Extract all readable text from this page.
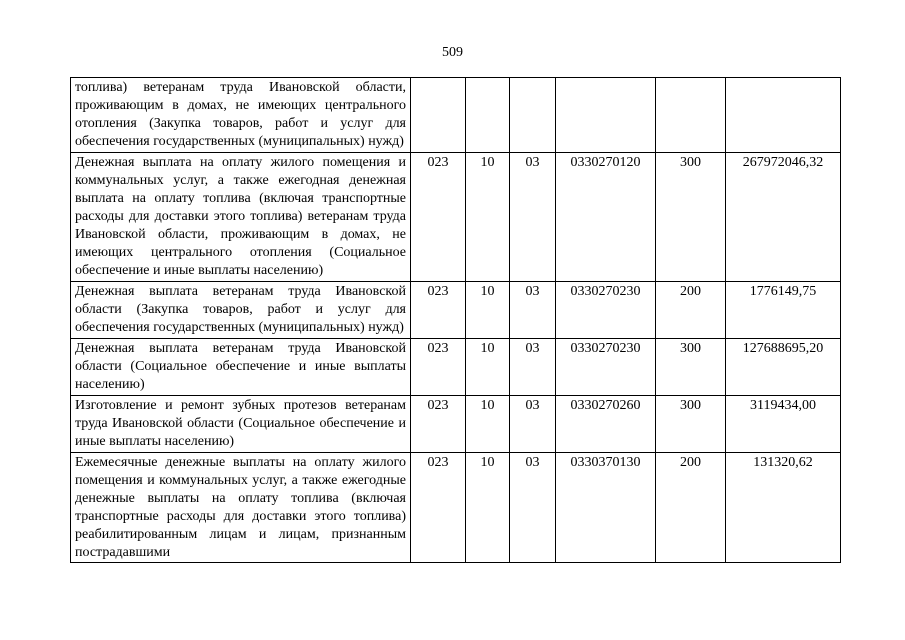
509
топлива) ветеранам труда Ивановской области, проживающим в домах, не имеющих центрального отопления (Закупка товаров, работ и услуг для обеспечения государственных (муниципальных) нужд)						
Денежная выплата на оплату жилого помещения и коммунальных услуг, а также ежегодная денежная выплата на оплату топлива (включая транспортные расходы для доставки этого топлива) ветеранам труда Ивановской области, проживающим в домах, не имеющих центрального отопления (Социальное обеспечение и иные выплаты населению)	023	10	03	0330270120	300	267972046,32
Денежная выплата ветеранам труда Ивановской области (Закупка товаров, работ и услуг для обеспечения государственных (муниципальных) нужд)	023	10	03	0330270230	200	1776149,75
Денежная выплата ветеранам труда Ивановской области (Социальное обеспечение и иные выплаты населению)	023	10	03	0330270230	300	127688695,20
Изготовление и ремонт зубных протезов ветеранам труда Ивановской области (Социальное обеспечение и иные выплаты населению)	023	10	03	0330270260	300	3119434,00
Ежемесячные денежные выплаты на оплату жилого помещения и коммунальных услуг, а также ежегодные денежные выплаты на оплату топлива (включая транспортные расходы для доставки этого топлива) реабилитированным лицам и лицам, признанным пострадавшими	023	10	03	0330370130	200	131320,62
